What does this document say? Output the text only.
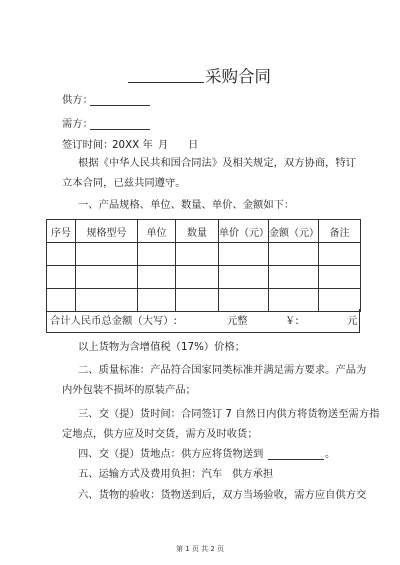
采购合同
供方：
需方：
签订时间：
20XX 年 月 日
根据《中华人民共和国合同法》及相关规定，双方协商，特订
立本合同，已兹共同遵守。
一、产品规格、单位、数量、单价、金额如下：
序号	规格型号	单位	数量	单价（元）	金额（元）	备注

合计人民币总金额（大写）:	元整	￥:	元
以上货物为含增值税（17%）价格；
二、质量标准：产品符合国家同类标准并满足需方要求。产品为
内外包装不损坏的原装产品；
三、交（提）货时间：合同签订 7 自然日内供方将货物送至需方指
定地点，供方应及时交货，需方及时收货；
四、交（提）货地点：供方应将货物送到	。
五、运输方式及费用负担：汽车 供方承担
六、货物的验收：货物送到后，双方当场验收，需方应自供方交
第 1 页 共 2 页
